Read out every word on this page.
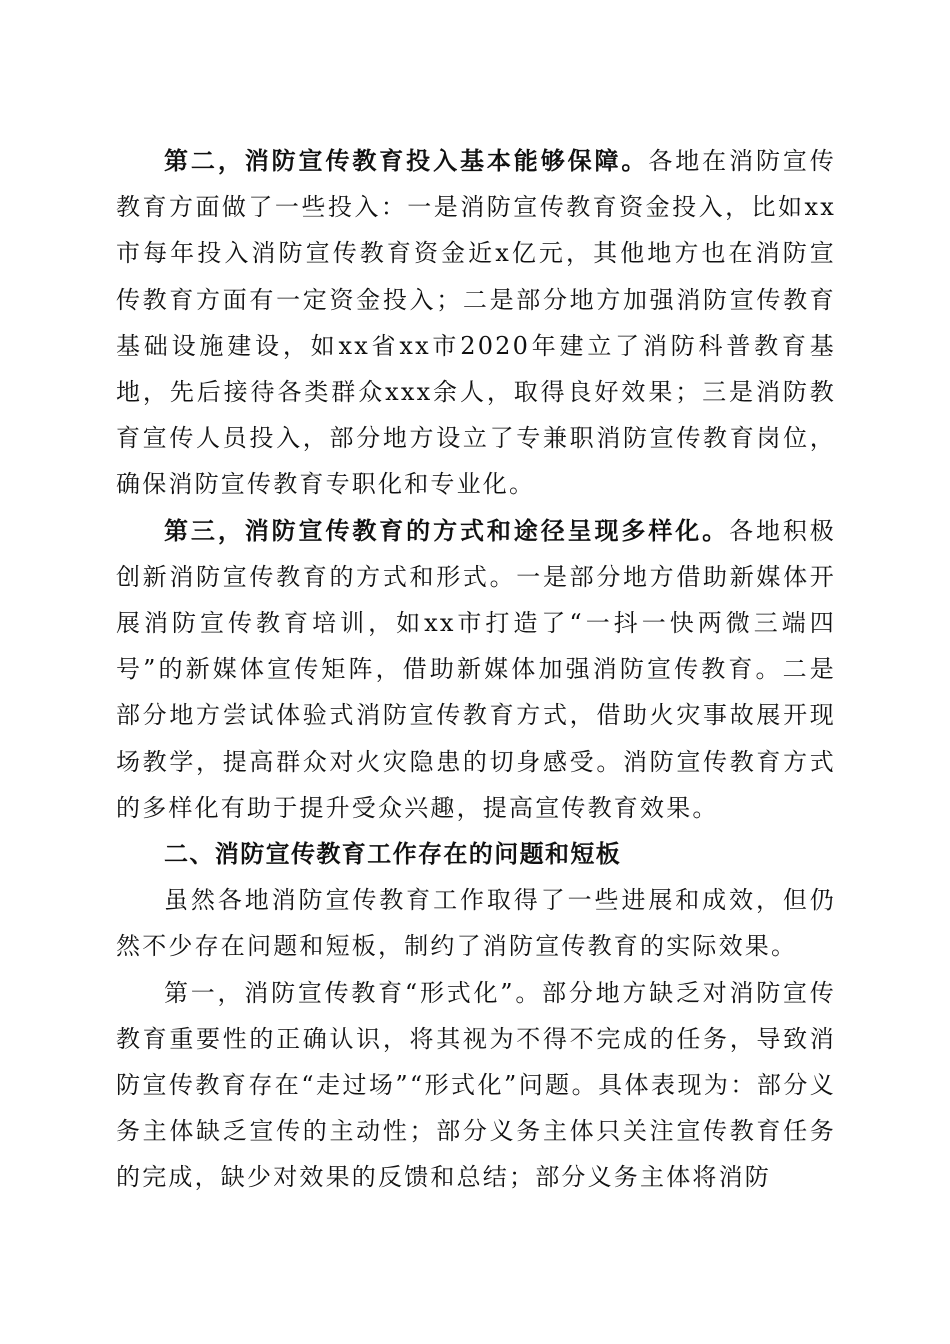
第二，消防宣传教育投入基本能够保障。各地在消防宣传教育方面做了一些投入：一是消防宣传教育资金投入，比如xx市每年投入消防宣传教育资金近x亿元，其他地方也在消防宣传教育方面有一定资金投入；二是部分地方加强消防宣传教育基础设施建设，如xx省xx市2020年建立了消防科普教育基地，先后接待各类群众xxx余人，取得良好效果；三是消防教育宣传人员投入，部分地方设立了专兼职消防宣传教育岗位，确保消防宣传教育专职化和专业化。

第三，消防宣传教育的方式和途径呈现多样化。各地积极创新消防宣传教育的方式和形式。一是部分地方借助新媒体开展消防宣传教育培训，如xx市打造了“一抖一快两微三端四号”的新媒体宣传矩阵，借助新媒体加强消防宣传教育。二是部分地方尝试体验式消防宣传教育方式，借助火灾事故展开现场教学，提高群众对火灾隐患的切身感受。消防宣传教育方式的多样化有助于提升受众兴趣，提高宣传教育效果。

二、消防宣传教育工作存在的问题和短板

虽然各地消防宣传教育工作取得了一些进展和成效，但仍然不少存在问题和短板，制约了消防宣传教育的实际效果。

第一，消防宣传教育“形式化”。部分地方缺乏对消防宣传教育重要性的正确认识，将其视为不得不完成的任务，导致消防宣传教育存在“走过场”“形式化”问题。具体表现为：部分义务主体缺乏宣传的主动性；部分义务主体只关注宣传教育任务的完成，缺少对效果的反馈和总结；部分义务主体将消防
